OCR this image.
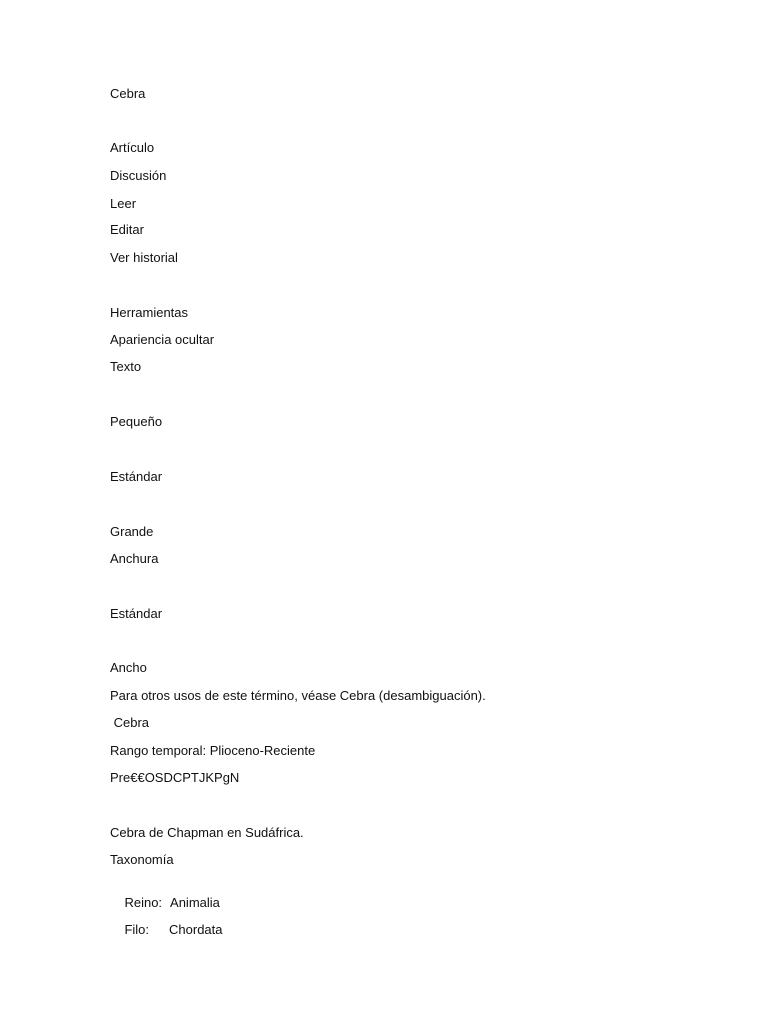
Cebra
Artículo
Discusión
Leer
Editar
Ver historial
Herramientas
Apariencia ocultar
Texto
Pequeño
Estándar
Grande
Anchura
Estándar
Ancho
Para otros usos de este término, véase Cebra (desambiguación).
Cebra
Rango temporal: Plioceno-Reciente
Pre€€OSDCPTJKPgN
Cebra de Chapman en Sudáfrica.
Taxonomía

Reino: Animalia

Filo: Chordata
